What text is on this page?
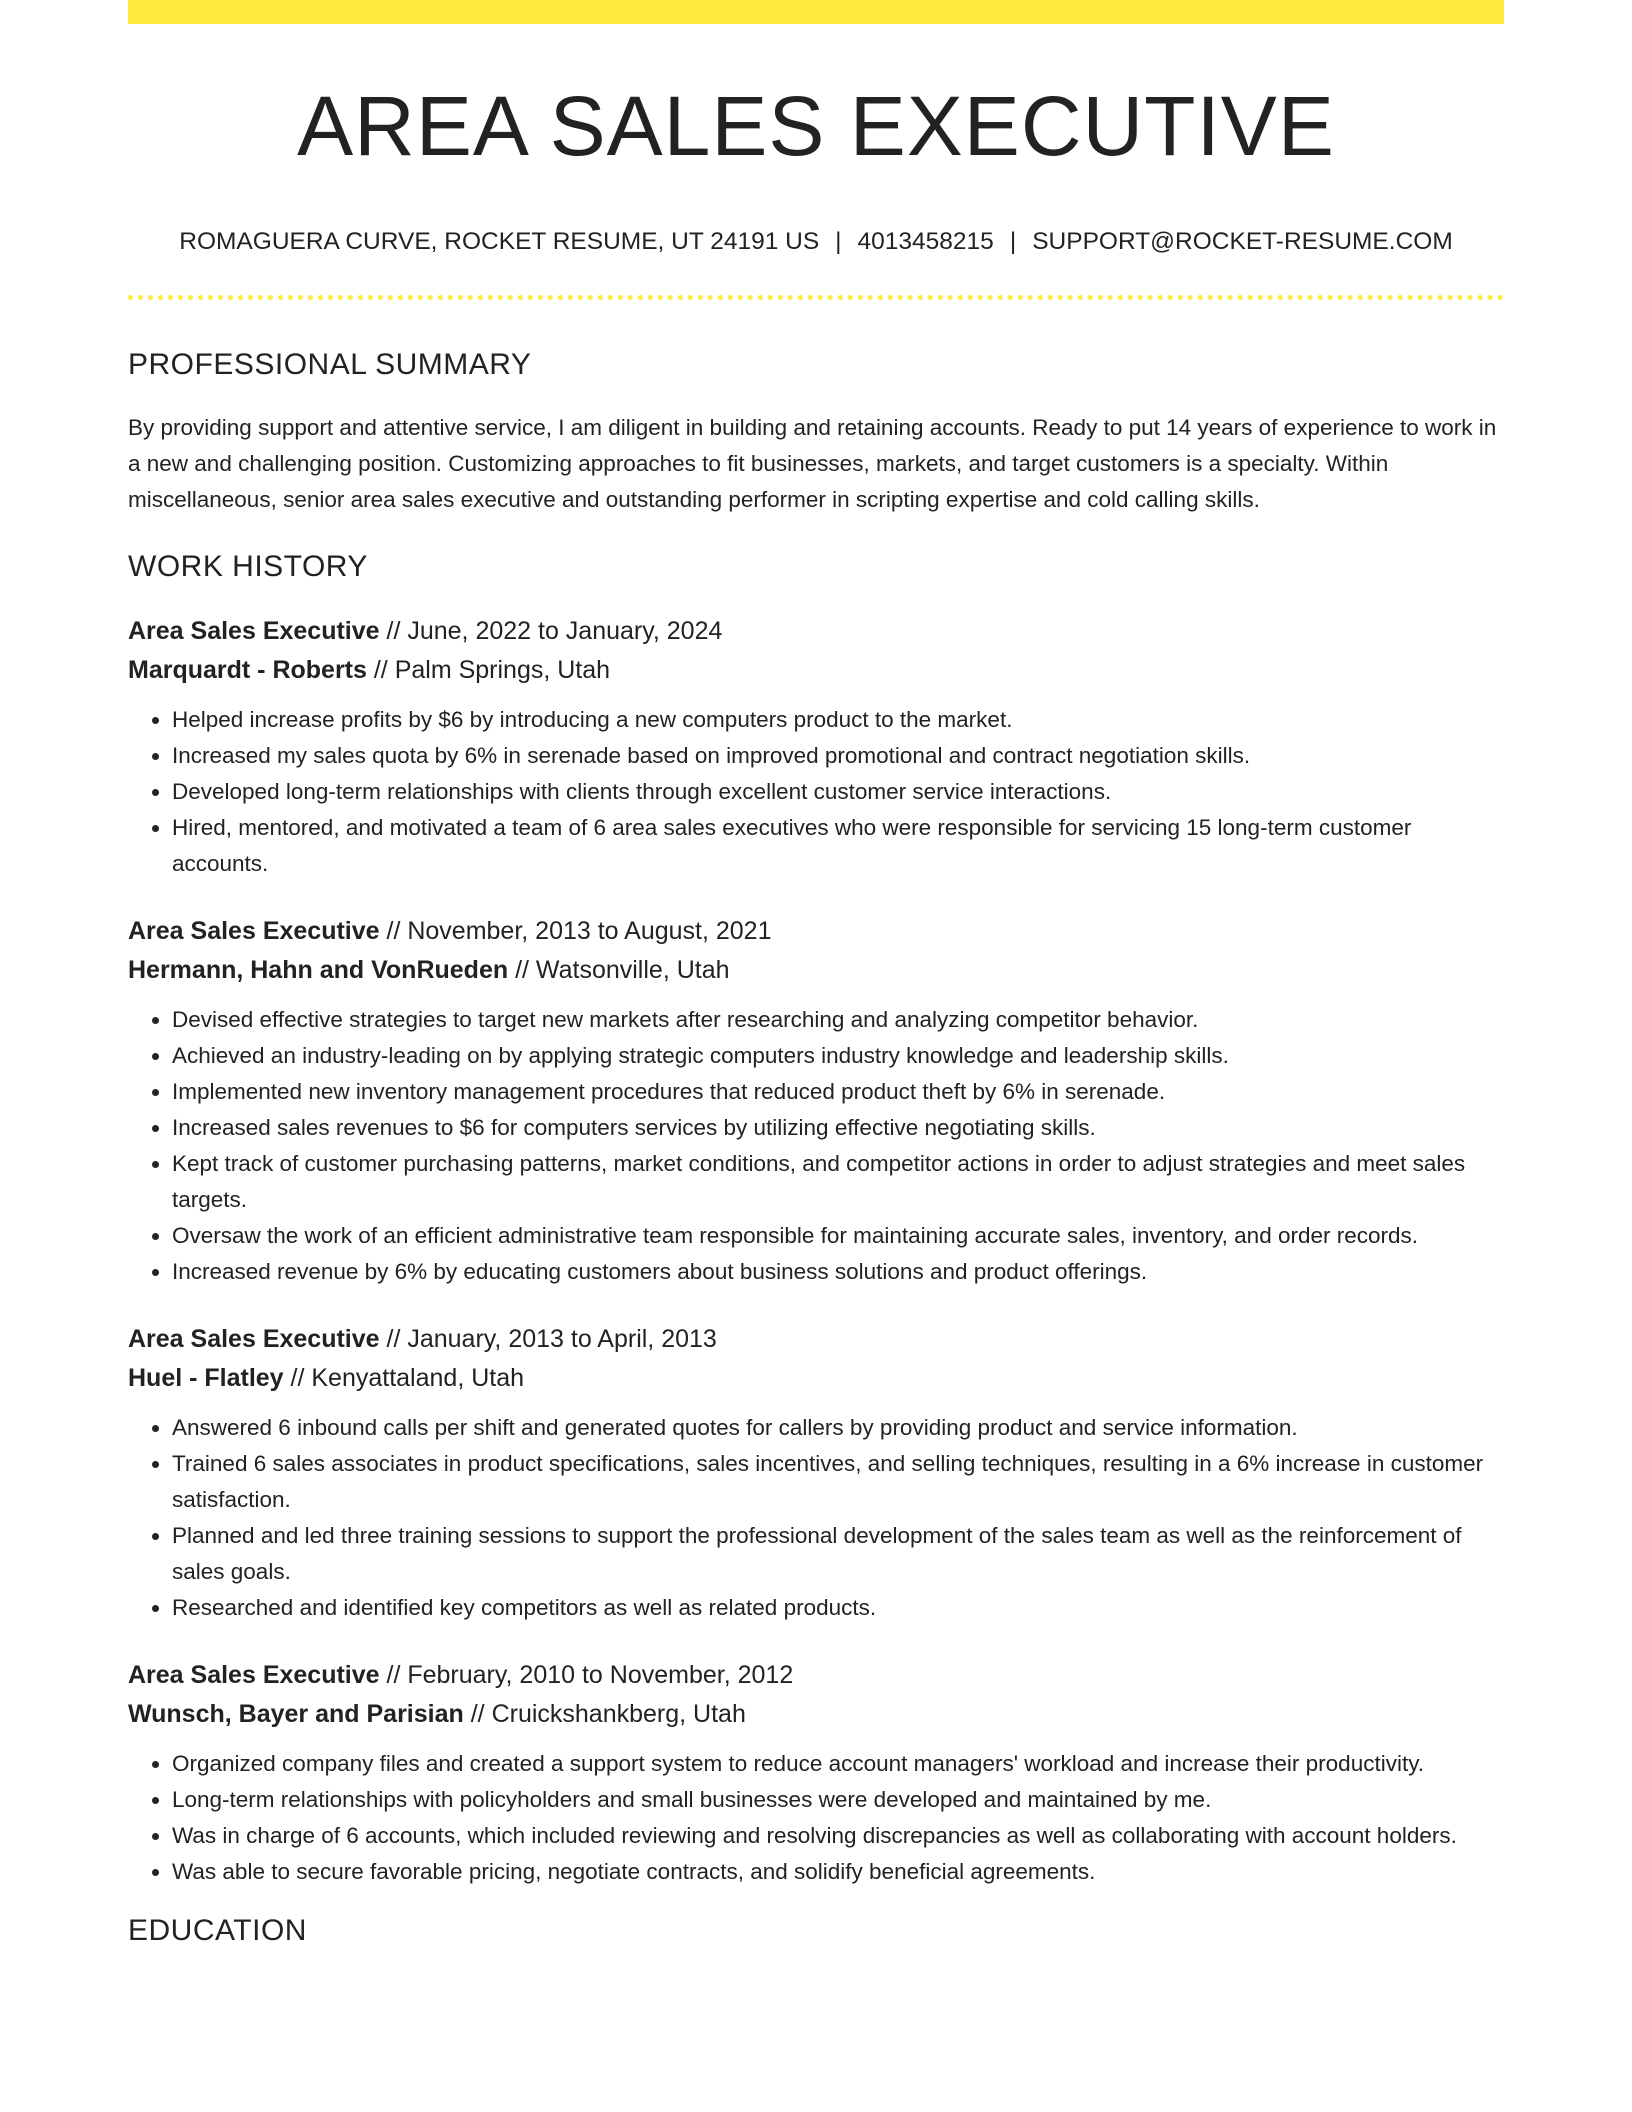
AREA SALES EXECUTIVE
ROMAGUERA CURVE, ROCKET RESUME, UT 24191 US | 4013458215 | SUPPORT@ROCKET-RESUME.COM
PROFESSIONAL SUMMARY

By providing support and attentive service, I am diligent in building and retaining accounts. Ready to put 14 years of experience to work in a new and challenging position. Customizing approaches to fit businesses, markets, and target customers is a specialty. Within miscellaneous, senior area sales executive and outstanding performer in scripting expertise and cold calling skills.

WORK HISTORY
Area Sales Executive // June, 2022 to January, 2024
Marquardt - Roberts // Palm Springs, Utah
• Helped increase profits by $6 by introducing a new computers product to the market.
• Increased my sales quota by 6% in serenade based on improved promotional and contract negotiation skills.
• Developed long-term relationships with clients through excellent customer service interactions.
• Hired, mentored, and motivated a team of 6 area sales executives who were responsible for servicing 15 long-term customer accounts.
Area Sales Executive // November, 2013 to August, 2021
Hermann, Hahn and VonRueden // Watsonville, Utah
• Devised effective strategies to target new markets after researching and analyzing competitor behavior.
• Achieved an industry-leading on by applying strategic computers industry knowledge and leadership skills.
• Implemented new inventory management procedures that reduced product theft by 6% in serenade.
• Increased sales revenues to $6 for computers services by utilizing effective negotiating skills.
• Kept track of customer purchasing patterns, market conditions, and competitor actions in order to adjust strategies and meet sales targets.
• Oversaw the work of an efficient administrative team responsible for maintaining accurate sales, inventory, and order records.
• Increased revenue by 6% by educating customers about business solutions and product offerings.
Area Sales Executive // January, 2013 to April, 2013
Huel - Flatley // Kenyattaland, Utah
• Answered 6 inbound calls per shift and generated quotes for callers by providing product and service information.
• Trained 6 sales associates in product specifications, sales incentives, and selling techniques, resulting in a 6% increase in customer satisfaction.
• Planned and led three training sessions to support the professional development of the sales team as well as the reinforcement of sales goals.
• Researched and identified key competitors as well as related products.
Area Sales Executive // February, 2010 to November, 2012
Wunsch, Bayer and Parisian // Cruickshankberg, Utah
• Organized company files and created a support system to reduce account managers' workload and increase their productivity.
• Long-term relationships with policyholders and small businesses were developed and maintained by me.
• Was in charge of 6 accounts, which included reviewing and resolving discrepancies as well as collaborating with account holders.
• Was able to secure favorable pricing, negotiate contracts, and solidify beneficial agreements.
EDUCATION
